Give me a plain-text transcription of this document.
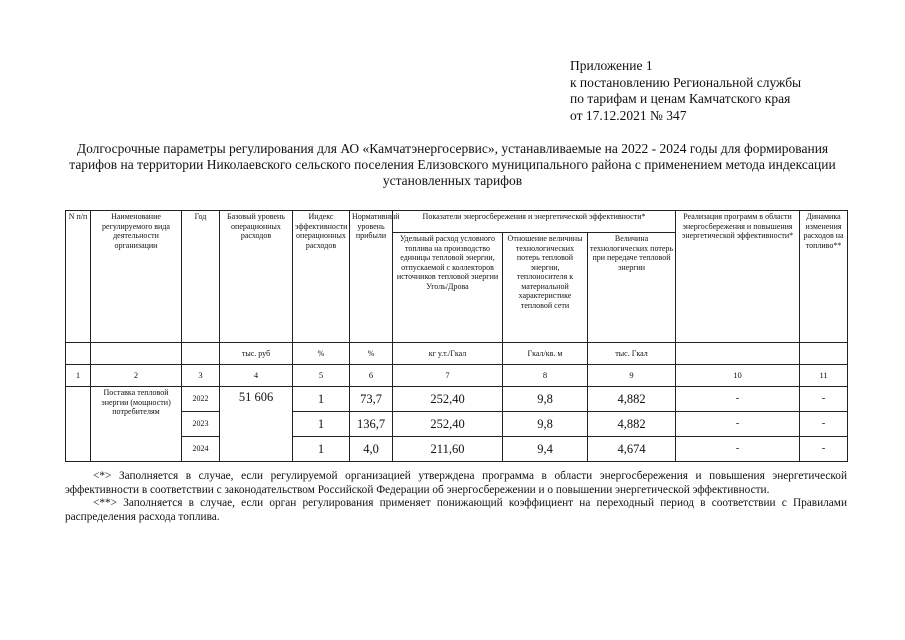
Приложение 1
к постановлению Региональной службы
по тарифам и ценам Камчатского края
от 17.12.2021 № 347
Долгосрочные параметры регулирования для АО «Камчатэнергосервис», устанавливаемые на 2022 - 2024 годы для формирования тарифов на территории Николаевского сельского поселения Елизовского муниципального района с применением метода индексации установленных тарифов
N п/п	Наименование регулируемого вида деятельности организации	Год	Базовый уровень операционных расходов	Индекс эффективности операционных расходов	Нормативный уровень прибыли	Показатели энергосбережения и энергетической эффективности*			Реализация программ в области энергосбережения и повышения энергетической эффективности*	Динамика изменения расходов на топливо**
						Удельный расход условного топлива на производство единицы тепловой энергии, отпускаемой с коллекторов источников тепловой энергии Уголь/Дрова	Отношение величины технологических потерь тепловой энергии, теплоносителя к материальной характеристике тепловой сети	Величина технологических потерь при передаче тепловой энергии		
			тыс. руб	%	%	кг у.т./Гкал	Гкал/кв. м	тыс. Гкал		
1	2	3	4	5	6	7	8	9	10	11
	Поставка тепловой энергии (мощности) потребителям	2022	51 606	1	73,7	252,40	9,8	4,882	-	-
		2023		1	136,7	252,40	9,8	4,882	-	-
		2024		1	4,0	211,60	9,4	4,674	-	-

<*> Заполняется в случае, если регулируемой организацией утверждена программа в области энергосбережения и повышения энергетической эффективности в соответствии с законодательством Российской Федерации об энергосбережении и о повышении энергетической эффективности.

<**> Заполняется в случае, если орган регулирования применяет понижающий коэффициент на переходный период в соответствии с Правилами распределения расхода топлива.
